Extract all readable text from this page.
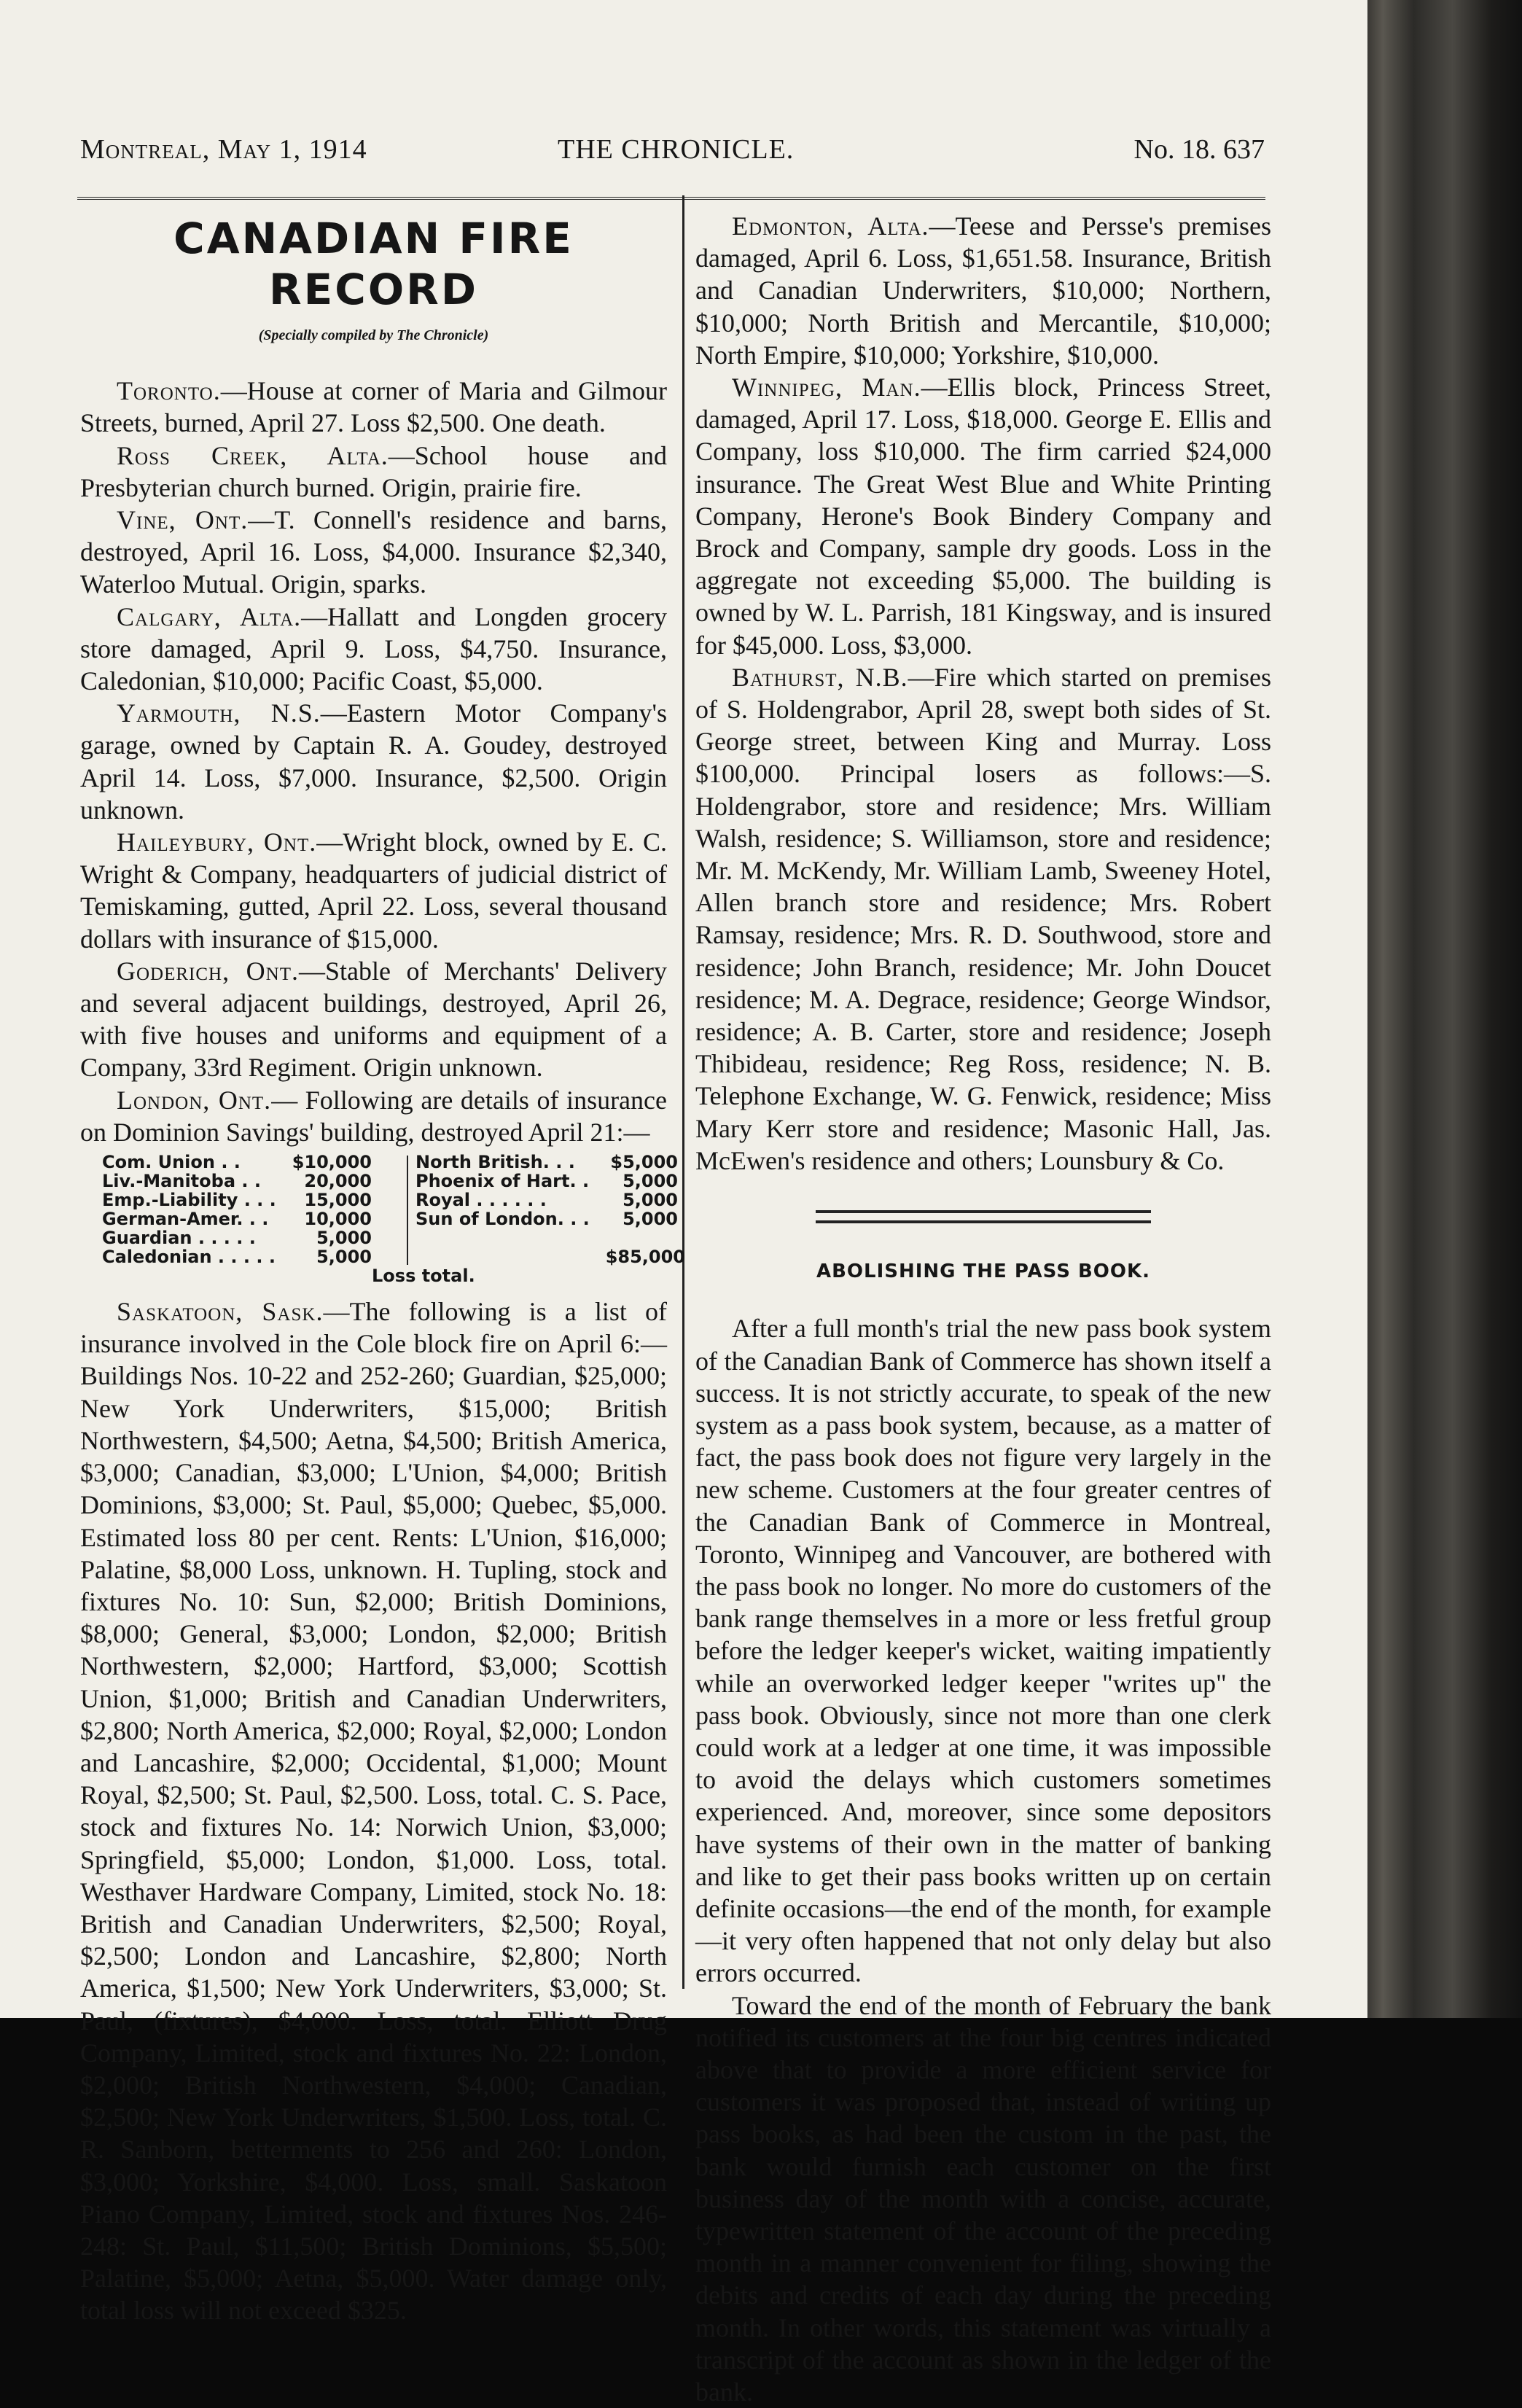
Montreal, May 1, 1914	THE CHRONICLE.	No. 18. 637
CANADIAN FIRE RECORD
(Specially compiled by The Chronicle)

Toronto.—House at corner of Maria and Gilmour Streets, burned, April 27. Loss $2,500. One death.

Ross Creek, Alta.—School house and Presbyterian church burned. Origin, prairie fire.

Vine, Ont.—T. Connell's residence and barns, destroyed, April 16. Loss, $4,000. Insurance $2,340, Waterloo Mutual. Origin, sparks.

Calgary, Alta.—Hallatt and Longden grocery store damaged, April 9. Loss, $4,750. Insurance, Caledonian, $10,000; Pacific Coast, $5,000.

Yarmouth, N.S.—Eastern Motor Company's garage, owned by Captain R. A. Goudey, destroyed April 14. Loss, $7,000. Insurance, $2,500. Origin unknown.

Haileybury, Ont.—Wright block, owned by E. C. Wright & Company, headquarters of judicial district of Temiskaming, gutted, April 22. Loss, several thousand dollars with insurance of $15,000.

Goderich, Ont.—Stable of Merchants' Delivery and several adjacent buildings, destroyed, April 26, with five houses and uniforms and equipment of a Company, 33rd Regiment. Origin unknown.

London, Ont.— Following are details of insurance on Dominion Savings' building, destroyed April 21:—

Com. Union . .	$10,000
Liv.-Manitoba . . 20,000
Emp.-Liability . . . 15,000
German-Amer. . . 10,000
Guardian . . . . .	5,000
Caledonian . . . . . 5,000
North British. . . $5,000
Phoenix of Hart. . 5,000
Royal . . . . . .	5,000
Sun of London. . . 5,000
$85,000
Loss total.

Saskatoon, Sask.—The following is a list of insurance involved in the Cole block fire on April 6:—Buildings Nos. 10-22 and 252-260; Guardian, $25,000; New York Underwriters, $15,000; British Northwestern, $4,500; Aetna, $4,500; British America, $3,000; Canadian, $3,000; L'Union, $4,000; British Dominions, $3,000; St. Paul, $5,000; Quebec, $5,000. Estimated loss 80 per cent. Rents: L'Union, $16,000; Palatine, $8,000 Loss, unknown. H. Tupling, stock and fixtures No. 10: Sun, $2,000; British Dominions, $8,000; General, $3,000; London, $2,000; British Northwestern, $2,000; Hartford, $3,000; Scottish Union, $1,000; British and Canadian Underwriters, $2,800; North America, $2,000; Royal, $2,000; London and Lancashire, $2,000; Occidental, $1,000; Mount Royal, $2,500; St. Paul, $2,500. Loss, total. C. S. Pace, stock and fixtures No. 14: Norwich Union, $3,000; Springfield, $5,000; London, $1,000. Loss, total. Westhaver Hardware Company, Limited, stock No. 18: British and Canadian Underwriters, $2,500; Royal, $2,500; London and Lancashire, $2,800; North America, $1,500; New York Underwriters, $3,000; St. Paul, (fixtures), $4,000. Loss, total. Elliott Drug Company, Limited, stock and fixtures No. 22: London, $2,000; British Northwestern, $4,000; Canadian, $2,500; New York Underwriters, $1,500. Loss, total. C. R. Sanborn, betterments to 256 and 260: London, $3,000; Yorkshire, $4,000. Loss, small. Saskatoon Piano Company, Limited, stock and fixtures Nos. 246-248: St. Paul, $11,500; British Dominions, $5,500; Palatine, $5,000; Aetna, $5,000. Water damage only, total loss will not exceed $325.

Edmonton, Alta.—Teese and Persse's premises damaged, April 6. Loss, $1,651.58. Insurance, British and Canadian Underwriters, $10,000; Northern, $10,000; North British and Mercantile, $10,000; North Empire, $10,000; Yorkshire, $10,000.

Winnipeg, Man.—Ellis block, Princess Street, damaged, April 17. Loss, $18,000. George E. Ellis and Company, loss $10,000. The firm carried $24,000 insurance. The Great West Blue and White Printing Company, Herone's Book Bindery Company and Brock and Company, sample dry goods. Loss in the aggregate not exceeding $5,000. The building is owned by W. L. Parrish, 181 Kingsway, and is insured for $45,000. Loss, $3,000.

Bathurst, N.B.—Fire which started on premises of S. Holdengrabor, April 28, swept both sides of St. George street, between King and Murray. Loss $100,000. Principal losers as follows:—S. Holdengrabor, store and residence; Mrs. William Walsh, residence; S. Williamson, store and residence; Mr. M. McKendy, Mr. William Lamb, Sweeney Hotel, Allen branch store and residence; Mrs. Robert Ramsay, residence; Mrs. R. D. Southwood, store and residence; John Branch, residence; Mr. John Doucet residence; M. A. Degrace, residence; George Windsor, residence; A. B. Carter, store and residence; Joseph Thibideau, residence; Reg Ross, residence; N. B. Telephone Exchange, W. G. Fenwick, residence; Miss Mary Kerr store and residence; Masonic Hall, Jas. McEwen's residence and others; Lounsbury & Co.

ABOLISHING THE PASS BOOK.

After a full month's trial the new pass book system of the Canadian Bank of Commerce has shown itself a success. It is not strictly accurate, to speak of the new system as a pass book system, because, as a matter of fact, the pass book does not figure very largely in the new scheme. Customers at the four greater centres of the Canadian Bank of Commerce in Montreal, Toronto, Winnipeg and Vancouver, are bothered with the pass book no longer. No more do customers of the bank range themselves in a more or less fretful group before the ledger keeper's wicket, waiting impatiently while an overworked ledger keeper "writes up" the pass book. Obviously, since not more than one clerk could work at a ledger at one time, it was impossible to avoid the delays which customers sometimes experienced. And, moreover, since some depositors have systems of their own in the matter of banking and like to get their pass books written up on certain definite occasions—the end of the month, for example—it very often happened that not only delay but also errors occurred.

Toward the end of the month of February the bank notified its customers at the four big centres indicated above that to provide a more efficient service for customers it was proposed that, instead of writing up pass books, as had been the custom in the past, the bank would furnish each customer on the first business day of the month with a concise, accurate, typewritten statement of the account of the preceding month in a manner convenient for filing, showing the debits and credits of each day during the preceding month. In other words, this statement was virtually a transcript of the account as shown in the ledger of the bank.
